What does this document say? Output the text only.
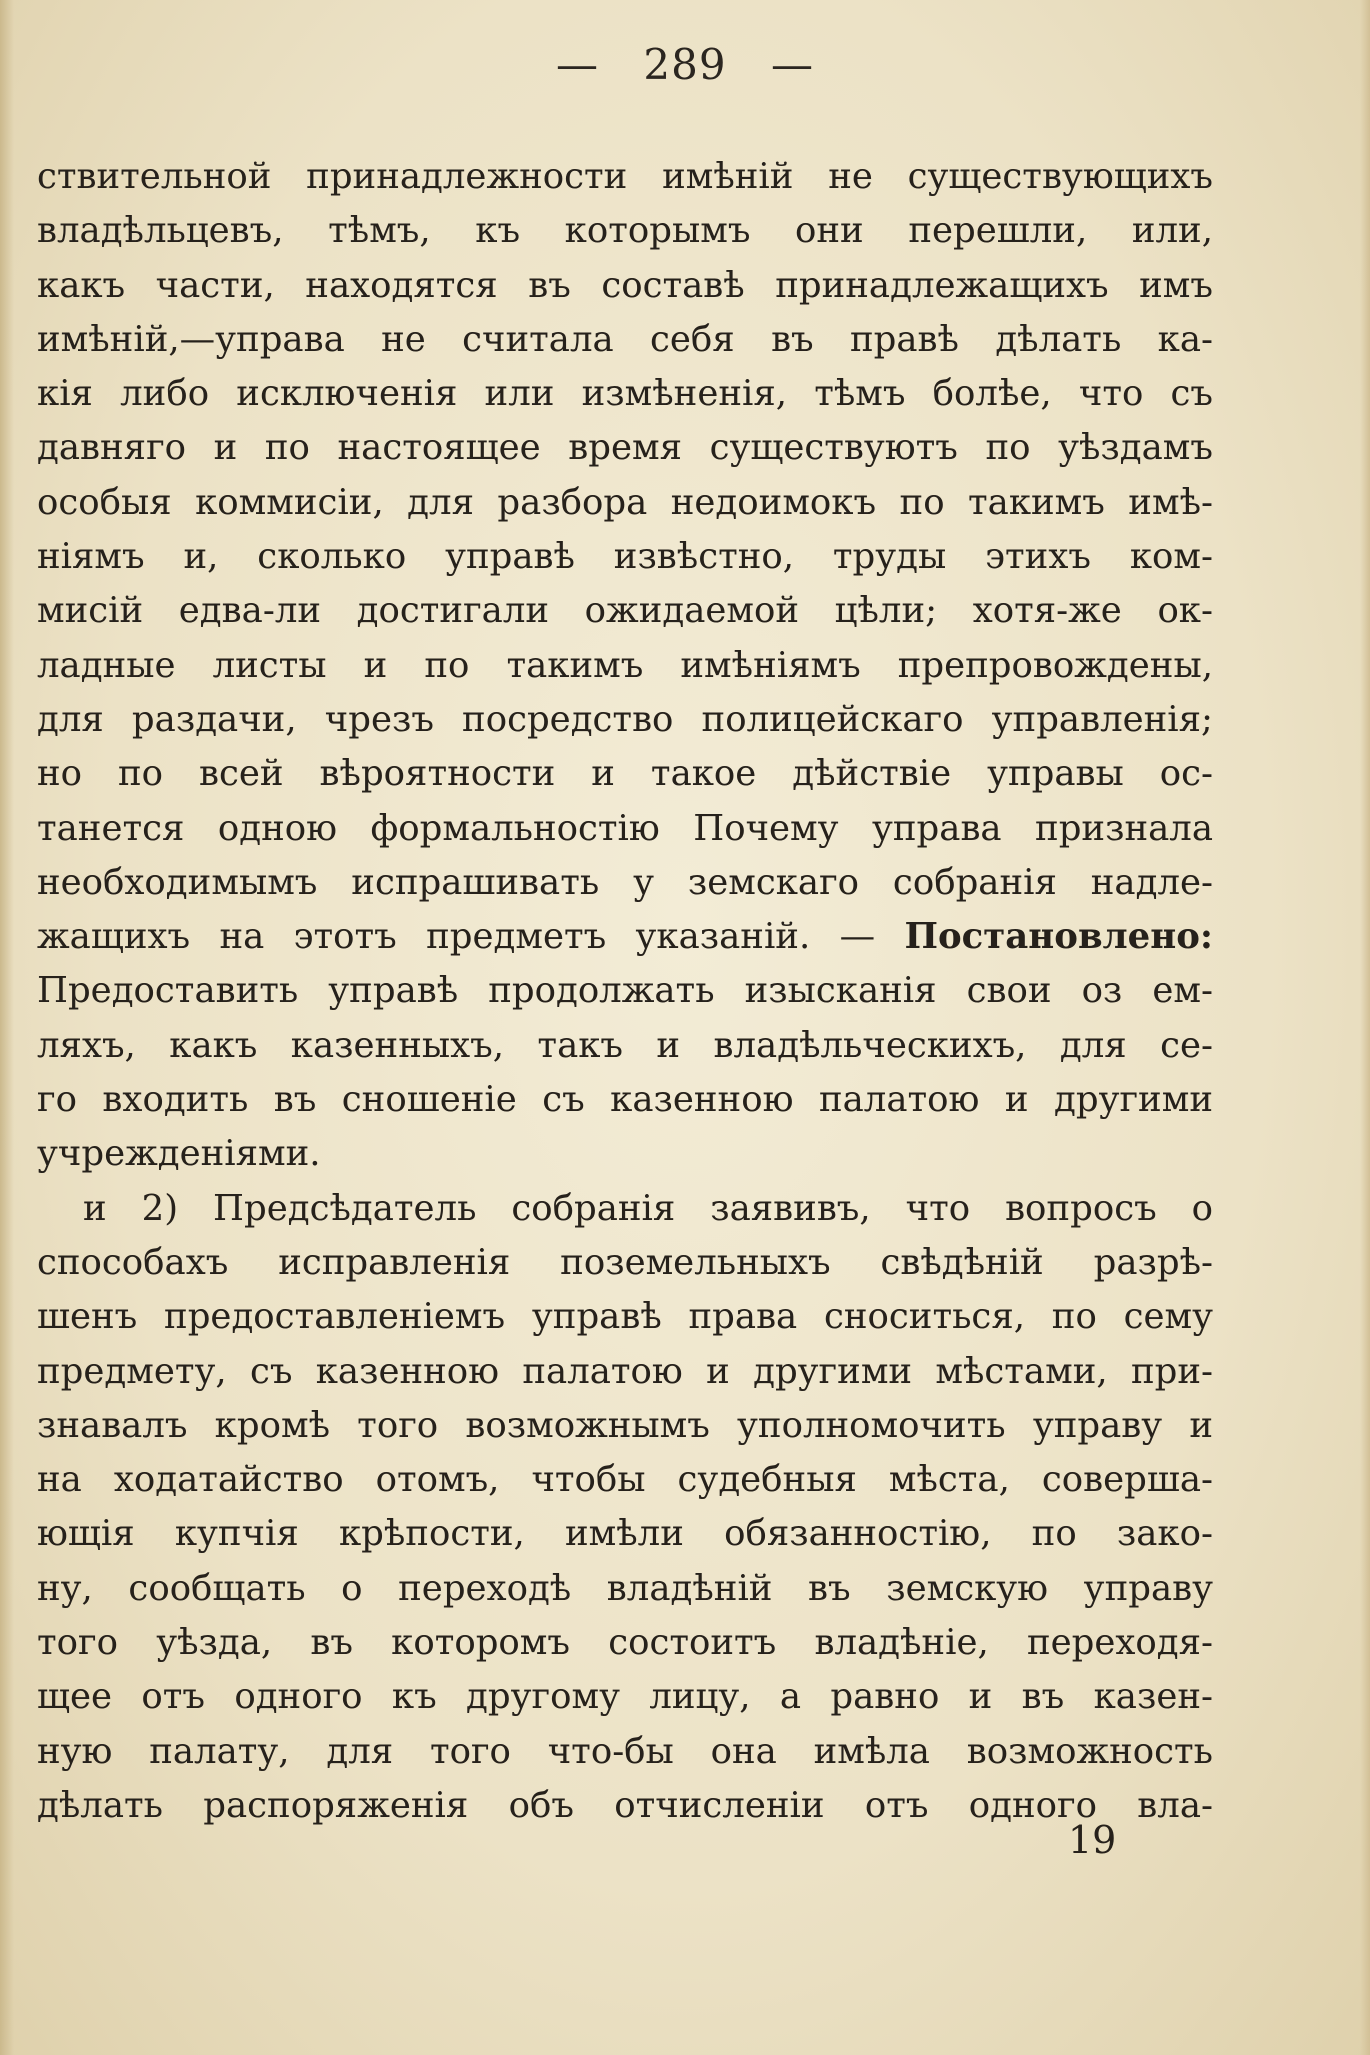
— 289 —
ствительной принадлежности имѣній не существующихъ
владѣльцевъ, тѣмъ, къ которымъ они перешли, или,
какъ части, находятся въ составѣ принадлежащихъ имъ
имѣній,—управа не считала себя въ правѣ дѣлать ка-
кія либо исключенія или измѣненія, тѣмъ болѣе, что съ
давняго и по настоящее время существуютъ по уѣздамъ
особыя коммисіи, для разбора недоимокъ по такимъ имѣ-
ніямъ и, сколько управѣ извѣстно, труды этихъ ком-
мисій едва-ли достигали ожидаемой цѣли; хотя-же ок-
ладные листы и по такимъ имѣніямъ препровождены,
для раздачи, чрезъ посредство полицейскаго управленія;
но по всей вѣроятности и такое дѣйствіе управы ос-
танется одною формальностію Почему управа признала
необходимымъ испрашивать у земскаго собранія надле-
жащихъ на этотъ предметъ указаній. — Постановлено:
Предоставить управѣ продолжать изысканія свои оз ем-
ляхъ, какъ казенныхъ, такъ и владѣльческихъ, для се-
го входить въ сношеніе съ казенною палатою и другими
учрежденіями.
и 2) Предсѣдатель собранія заявивъ, что вопросъ о
способахъ исправленія поземельныхъ свѣдѣній разрѣ-
шенъ предоставленіемъ управѣ права сноситься, по сему
предмету, съ казенною палатою и другими мѣстами, при-
знавалъ кромѣ того возможнымъ уполномочить управу и
на ходатайство отомъ, чтобы судебныя мѣста, соверша-
ющія купчія крѣпости, имѣли обязанностію, по зако-
ну, сообщать о переходѣ владѣній въ земскую управу
того уѣзда, въ которомъ состоитъ владѣніе, переходя-
щее отъ одного къ другому лицу, а равно и въ казен-
ную палату, для того что-бы она имѣла возможность
дѣлать распоряженія объ отчисленіи отъ одного вла-
19
